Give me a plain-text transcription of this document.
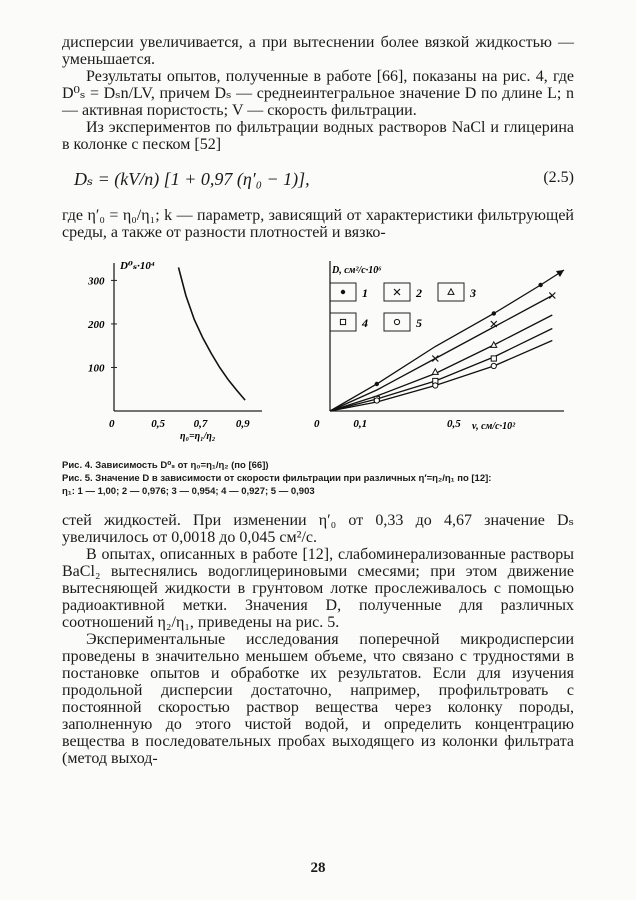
дисперсии увеличивается, а при вытеснении более вязкой жидкостью — уменьшается.

Результаты опытов, полученные в работе [66], показаны на рис. 4, где D⁰ₛ = Dₛn/LV, причем Dₛ — среднеинтегральное значение D по длине L; n — активная пористость; V — скорость фильтрации.

Из экспериментов по фильтрации водных растворов NaCl и глицерина в колонке с песком [52]

Dₛ = (kV/n) [1 + 0,97 (η′₀ − 1)],	(2.5)

где η′₀ = η₀/η₁; k — параметр, зависящий от характеристики фильтрующей среды, а также от разности плотностей и вязко-

D⁰ₛ·10⁴
η₀=η₁/η₂
0	0,5	0,7	0,9
100
200
300
D, см²/с·10⁶
v, см/с·10²
0	0,1	0,5
1	2	3
4	5

Рис. 4. Зависимость D⁰ₛ от η₀=η₁/η₂ (по [66])

Рис. 5. Значение D в зависимости от скорости фильтрации при различных η′=η₂/η₁ по [12]:

η₁: 1 — 1,00; 2 — 0,976; 3 — 0,954; 4 — 0,927; 5 — 0,903

стей жидкостей. При изменении η′₀ от 0,33 до 4,67 значение Dₛ увеличилось от 0,0018 до 0,045 см²/с.

В опытах, описанных в работе [12], слабоминерализованные растворы BaCl₂ вытеснялись водоглицериновыми смесями; при этом движение вытесняющей жидкости в грунтовом лотке прослеживалось с помощью радиоактивной метки. Значения D, полученные для различных соотношений η₂/η₁, приведены на рис. 5.

Экспериментальные исследования поперечной микродисперсии проведены в значительно меньшем объеме, что связано с трудностями в постановке опытов и обработке их результатов. Если для изучения продольной дисперсии достаточно, например, профильтровать с постоянной скоростью раствор вещества через колонку породы, заполненную до этого чистой водой, и определить концентрацию вещества в последовательных пробах выходящего из колонки фильтрата (метод выход-

28
